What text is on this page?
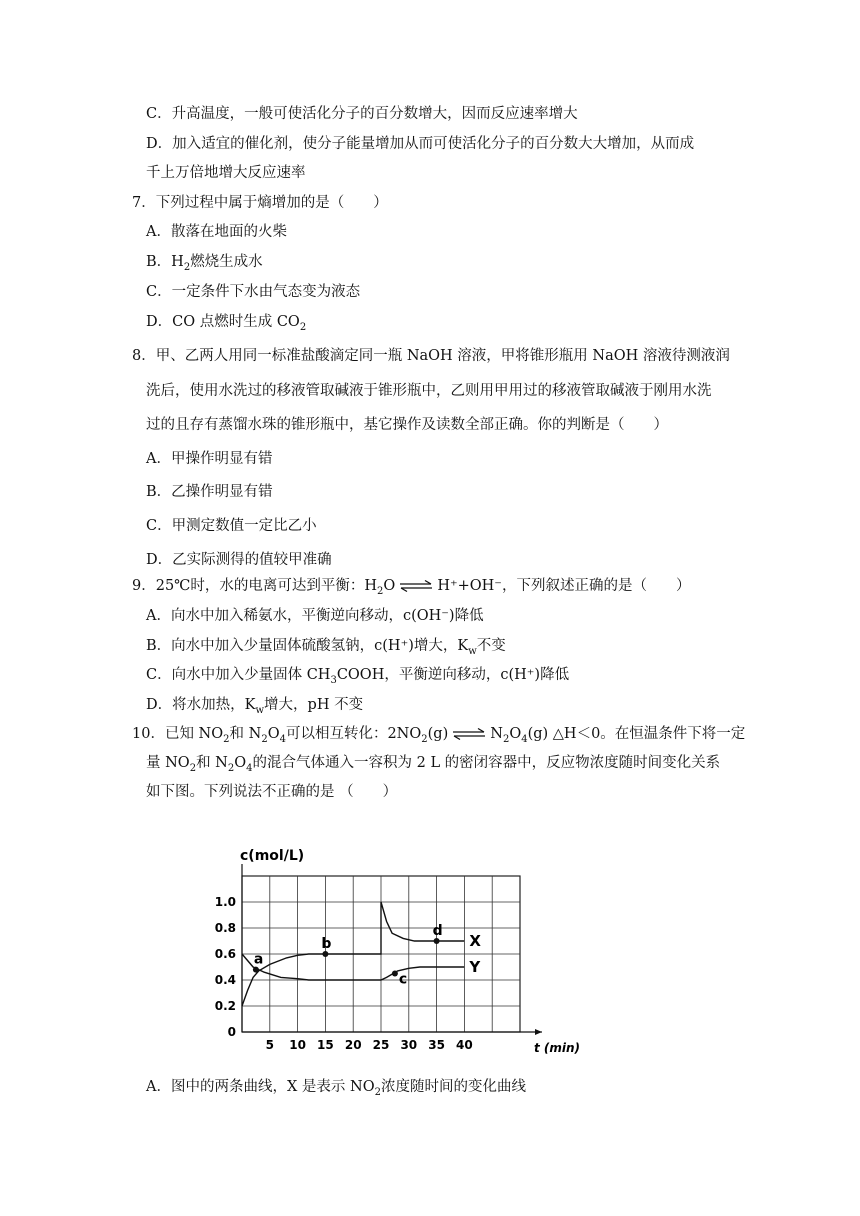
C．升高温度，一般可使活化分子的百分数增大，因而反应速率增大
D．加入适宜的催化剂，使分子能量增加从而可使活化分子的百分数大大增加，从而成
千上万倍地增大反应速率
7．下列过程中属于熵增加的是（　　）
A．散落在地面的火柴
B．$H_2$燃烧生成水
C．一定条件下水由气态变为液态
D．CO 点燃时生成 $CO_2$
8．甲、乙两人用同一标准盐酸滴定同一瓶 NaOH 溶液，甲将锥形瓶用 NaOH 溶液待测液润
洗后，使用水洗过的移液管取碱液于锥形瓶中，乙则用甲用过的移液管取碱液于刚用水洗
过的且存有蒸馏水珠的锥形瓶中，基它操作及读数全部正确。你的判断是（　　）
A．甲操作明显有错
B．乙操作明显有错
C．甲测定数值一定比乙小
D．乙实际测得的值较甲准确
9．25℃时，水的电离可达到平衡：$H_2O$ ⇌ H⁺+OH⁻，下列叙述正确的是（　　）
A．向水中加入稀氨水，平衡逆向移动，c(OH⁻)降低
B．向水中加入少量固体硫酸氢钠，c(H⁺)增大，$K_w$不变
C．向水中加入少量固体 $CH_3COOH$，平衡逆向移动，c(H⁺)降低
D．将水加热，$K_w$增大，pH 不变
10．已知 $NO_2$和 $N_2O_4$可以相互转化：$2NO_2(g)$ ⇌ $N_2O_4(g)$ △H＜0。在恒温条件下将一定
量 $NO_2$和 $N_2O_4$的混合气体通入一容积为 2 L 的密闭容器中，反应物浓度随时间变化关系
如下图。下列说法不正确的是 （　　）
X
Y
a
b
c
d
0
0.2
0.4
0.6
0.8
1.0
5 10 15 20 25 30 35 40
c(mol/L)
t (min)
A．图中的两条曲线，X 是表示 $NO_2$浓度随时间的变化曲线
